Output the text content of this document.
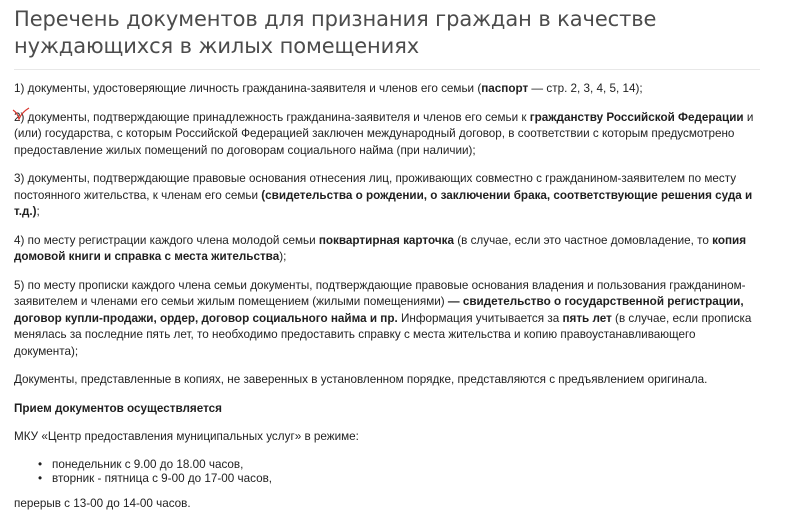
Перечень документов для признания граждан в качестве нуждающихся в жилых помещениях

1) документы, удостоверяющие личность гражданина-заявителя и членов его семьи (паспорт — стр. 2, 3, 4, 5, 14);

2) документы, подтверждающие принадлежность гражданина-заявителя и членов его семьи к гражданству Российской Федерации и (или) государства, с которым Российской Федерацией заключен международный договор, в соответствии с которым предусмотрено предоставление жилых помещений по договорам социального найма (при наличии);

3) документы, подтверждающие правовые основания отнесения лиц, проживающих совместно с гражданином-заявителем по месту постоянного жительства, к членам его семьи (свидетельства о рождении, о заключении брака, соответствующие решения суда и т.д.);

4) по месту регистрации каждого члена молодой семьи поквартирная карточка (в случае, если это частное домовладение, то копия домовой книги и справка с места жительства);

5) по месту прописки каждого члена семьи документы, подтверждающие правовые основания владения и пользования гражданином-заявителем и членами его семьи жилым помещением (жилыми помещениями) — свидетельство о государственной регистрации, договор купли-продажи, ордер, договор социального найма и пр. Информация учитывается за пять лет (в случае, если прописка менялась за последние пять лет, то необходимо предоставить справку с места жительства и копию правоустанавливающего документа);

Документы, представленные в копиях, не заверенных в установленном порядке, представляются с предъявлением оригинала.

Прием документов осуществляется

МКУ «Центр предоставления муниципальных услуг» в режиме:

• понедельник с 9.00 до 18.00 часов,
• вторник - пятница с 9-00 до 17-00 часов,

перерыв с 13-00 до 14-00 часов.
